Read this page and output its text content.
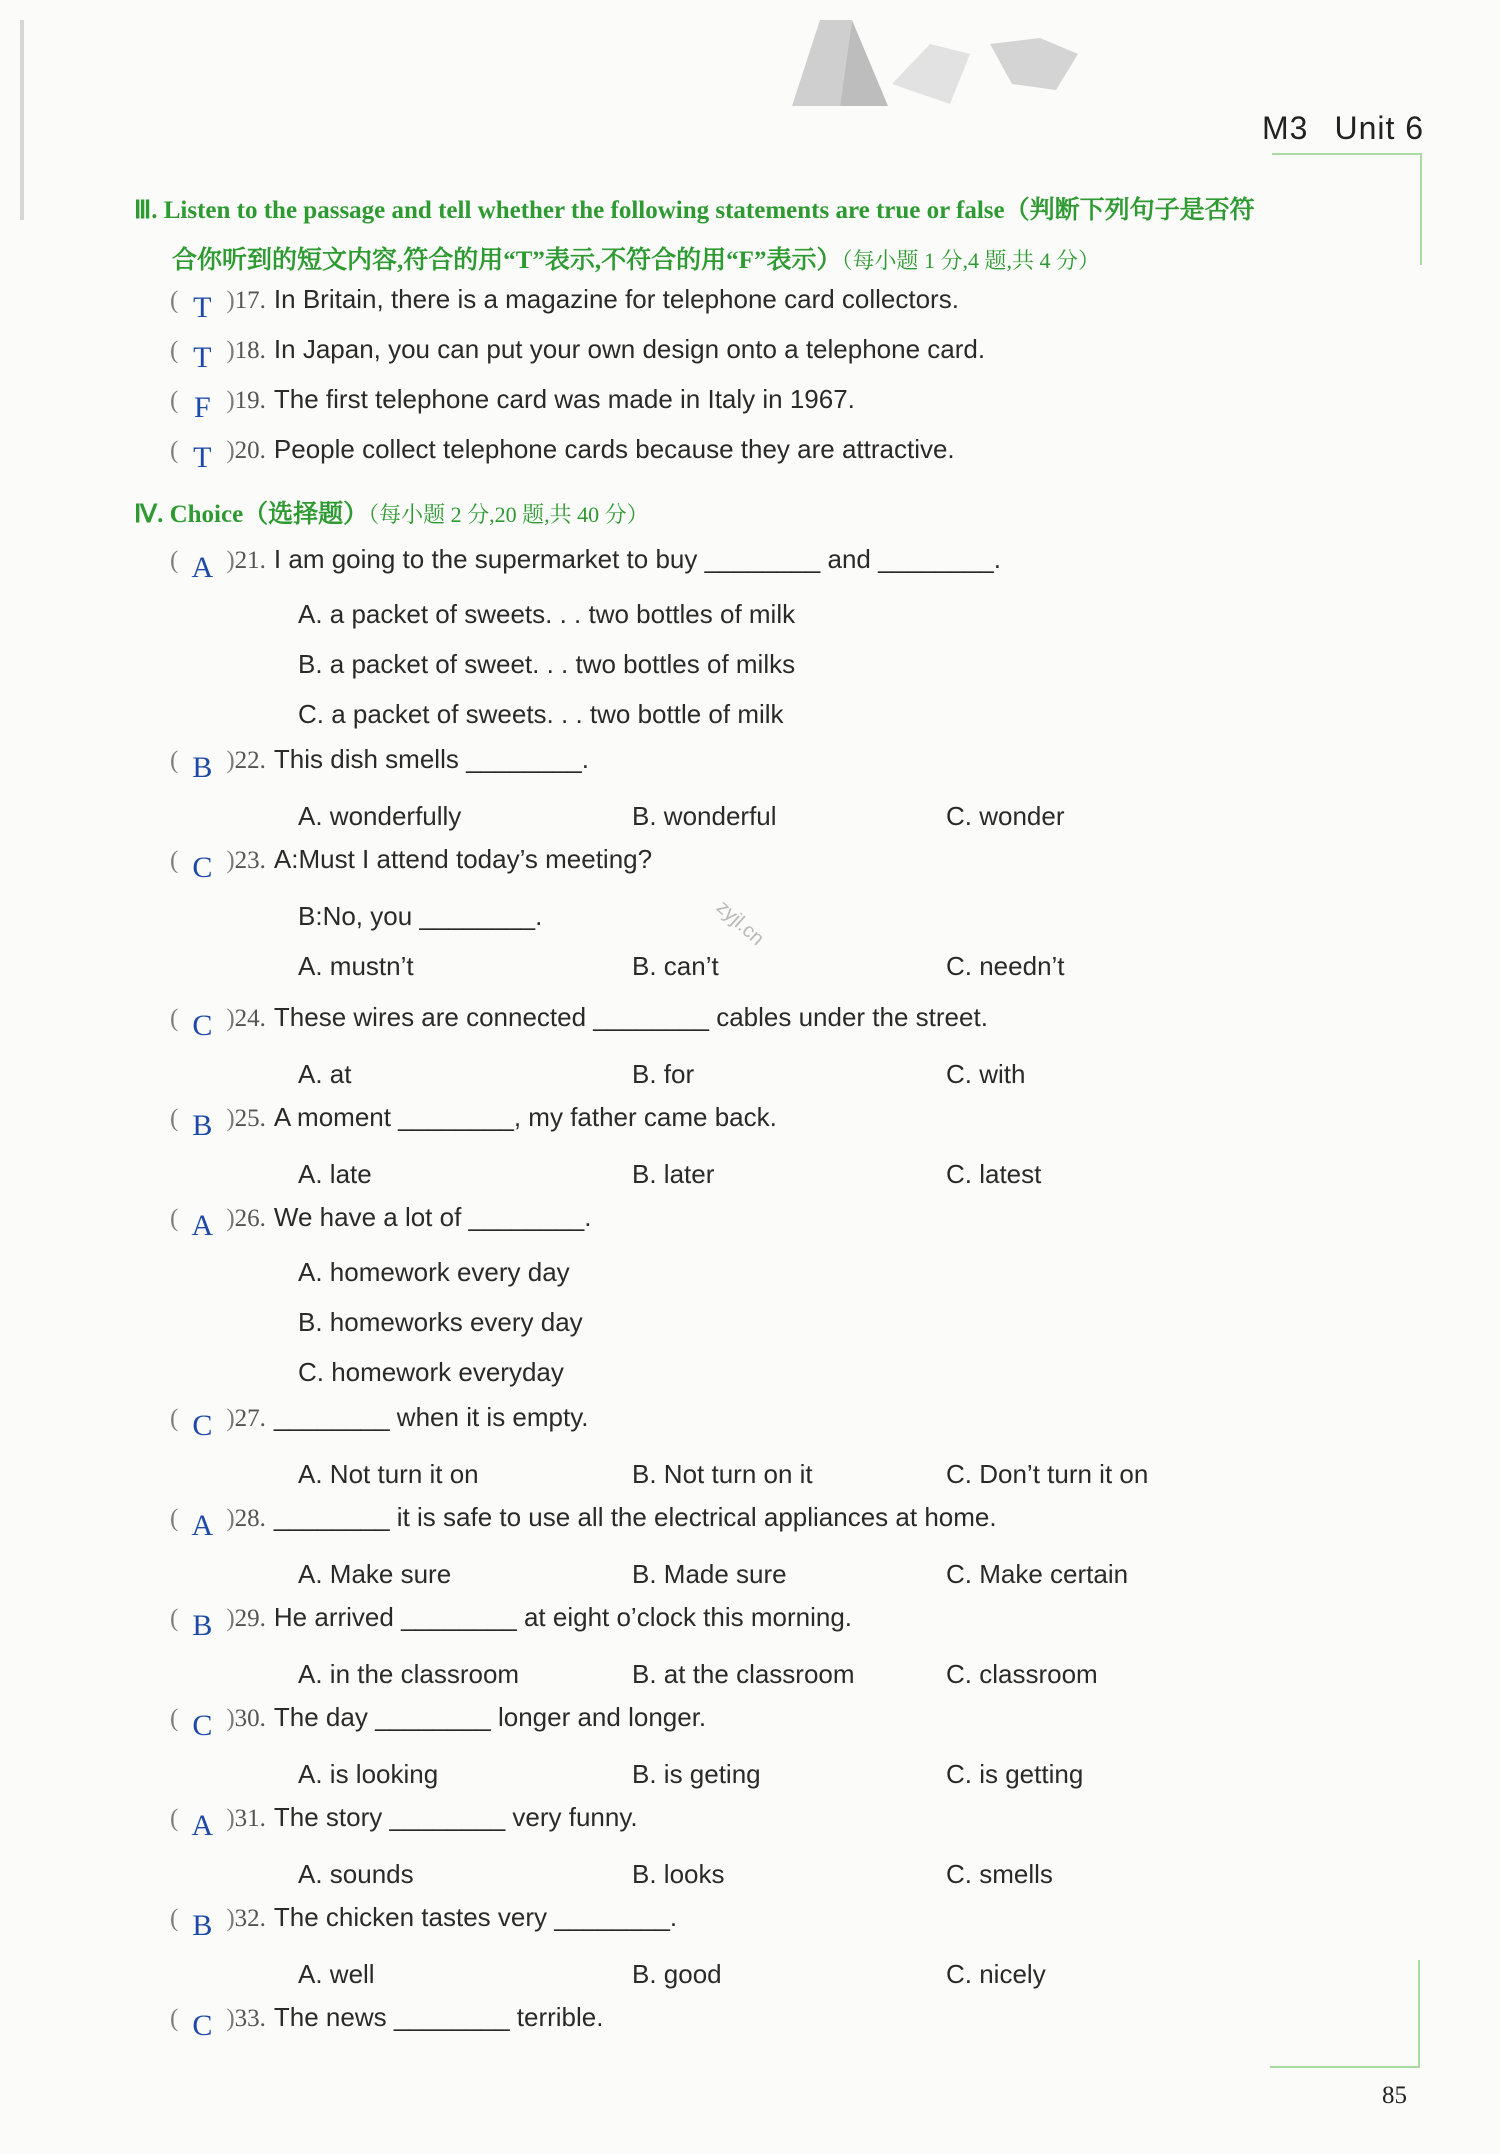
M3 Unit 6
Ⅲ. Listen to the passage and tell whether the following statements are true or false（判断下列句子是否符
合你听到的短文内容,符合的用“T”表示,不符合的用“F”表示）（每小题 1 分,4 题,共 4 分）
( T )17. In Britain, there is a magazine for telephone card collectors.
( T )18. In Japan, you can put your own design onto a telephone card.
( F )19. The first telephone card was made in Italy in 1967.
( T )20. People collect telephone cards because they are attractive.
Ⅳ. Choice（选择题）（每小题 2 分,20 题,共 40 分）
( A )21. I am going to the supermarket to buy ________ and ________.
A. a packet of sweets. . . two bottles of milk
B. a packet of sweet. . . two bottles of milks
C. a packet of sweets. . . two bottle of milk
( B )22. This dish smells ________.
A. wonderfully	B. wonderful	C. wonder
( C )23. A:Must I attend today’s meeting?
B:No, you ________.
A. mustn’t	B. can’t	C. needn’t
( C )24. These wires are connected ________ cables under the street.
A. at	B. for	C. with
( B )25. A moment ________, my father came back.
A. late	B. later	C. latest
( A )26. We have a lot of ________.
A. homework every day
B. homeworks every day
C. homework everyday
( C )27. ________ when it is empty.
A. Not turn it on	B. Not turn on it	C. Don’t turn it on
( A )28. ________ it is safe to use all the electrical appliances at home.
A. Make sure	B. Made sure	C. Make certain
( B )29. He arrived ________ at eight o’clock this morning.
A. in the classroom	B. at the classroom	C. classroom
( C )30. The day ________ longer and longer.
A. is looking	B. is geting	C. is getting
( A )31. The story ________ very funny.
A. sounds	B. looks	C. smells
( B )32. The chicken tastes very ________.
A. well	B. good	C. nicely
( C )33. The news ________ terrible.
zyjl.cn
85
